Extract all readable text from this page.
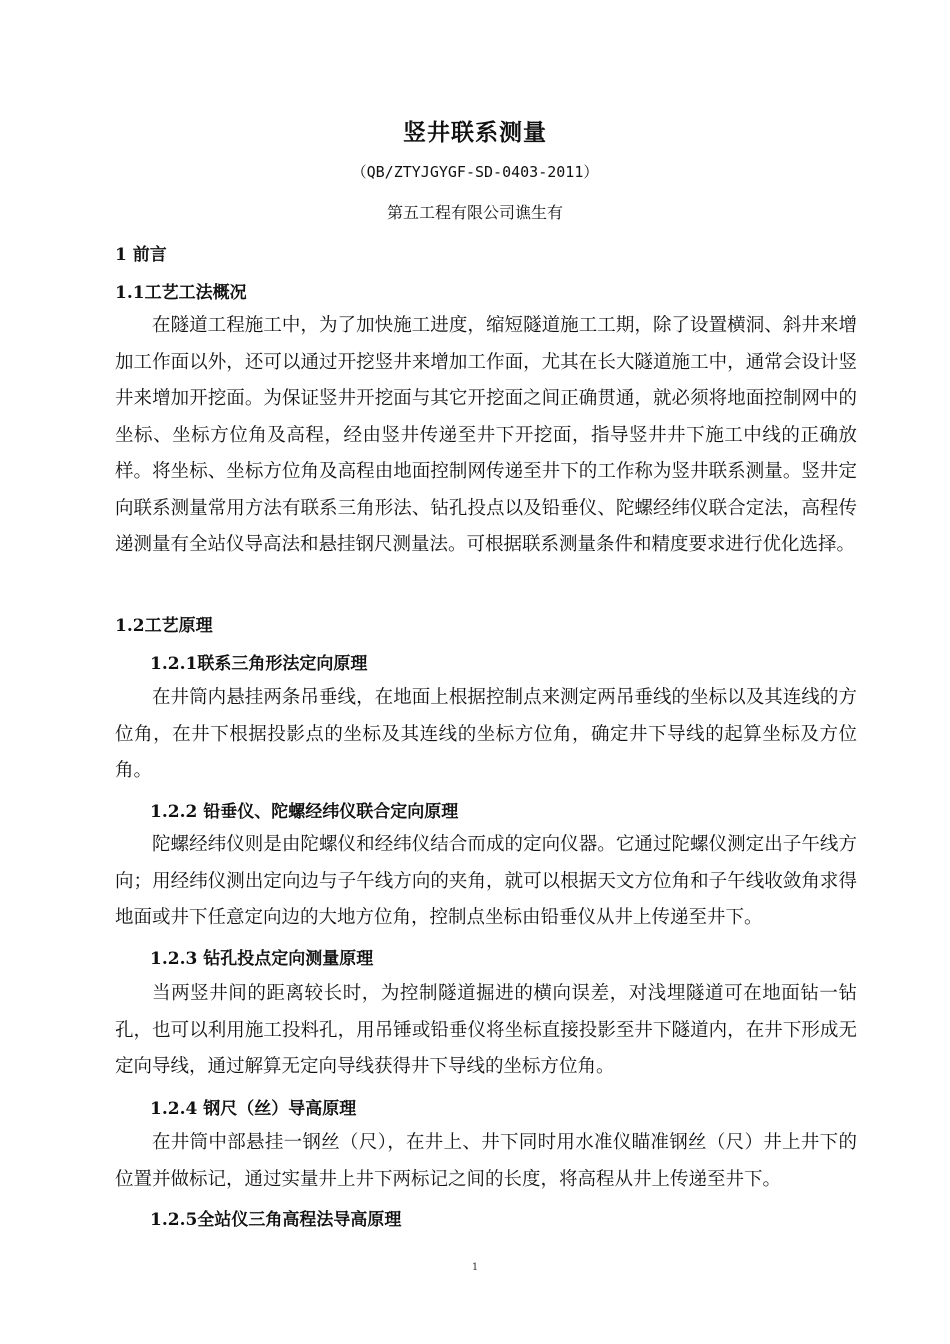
竖井联系测量
（QB/ZTYJGYGF-SD-0403-2011）
第五工程有限公司谯生有
1 前言
1.1工艺工法概况

在隧道工程施工中，为了加快施工进度，缩短隧道施工工期，除了设置横洞、斜井来增加工作面以外，还可以通过开挖竖井来增加工作面，尤其在长大隧道施工中，通常会设计竖井来增加开挖面。为保证竖井开挖面与其它开挖面之间正确贯通，就必须将地面控制网中的坐标、坐标方位角及高程，经由竖井传递至井下开挖面，指导竖井井下施工中线的正确放样。将坐标、坐标方位角及高程由地面控制网传递至井下的工作称为竖井联系测量。竖井定向联系测量常用方法有联系三角形法、钻孔投点以及铅垂仪、陀螺经纬仪联合定法，高程传递测量有全站仪导高法和悬挂钢尺测量法。可根据联系测量条件和精度要求进行优化选择。

1.2工艺原理
1.2.1联系三角形法定向原理

在井筒内悬挂两条吊垂线，在地面上根据控制点来测定两吊垂线的坐标以及其连线的方位角，在井下根据投影点的坐标及其连线的坐标方位角，确定井下导线的起算坐标及方位角。

1.2.2 铅垂仪、陀螺经纬仪联合定向原理

陀螺经纬仪则是由陀螺仪和经纬仪结合而成的定向仪器。它通过陀螺仪测定出子午线方向；用经纬仪测出定向边与子午线方向的夹角，就可以根据天文方位角和子午线收敛角求得地面或井下任意定向边的大地方位角，控制点坐标由铅垂仪从井上传递至井下。

1.2.3 钻孔投点定向测量原理

当两竖井间的距离较长时，为控制隧道掘进的横向误差，对浅埋隧道可在地面钻一钻孔，也可以利用施工投料孔，用吊锤或铅垂仪将坐标直接投影至井下隧道内，在井下形成无定向导线，通过解算无定向导线获得井下导线的坐标方位角。

1.2.4 钢尺（丝）导高原理

在井筒中部悬挂一钢丝（尺），在井上、井下同时用水准仪瞄准钢丝（尺）井上井下的位置并做标记，通过实量井上井下两标记之间的长度，将高程从井上传递至井下。

1.2.5全站仪三角高程法导高原理
1
